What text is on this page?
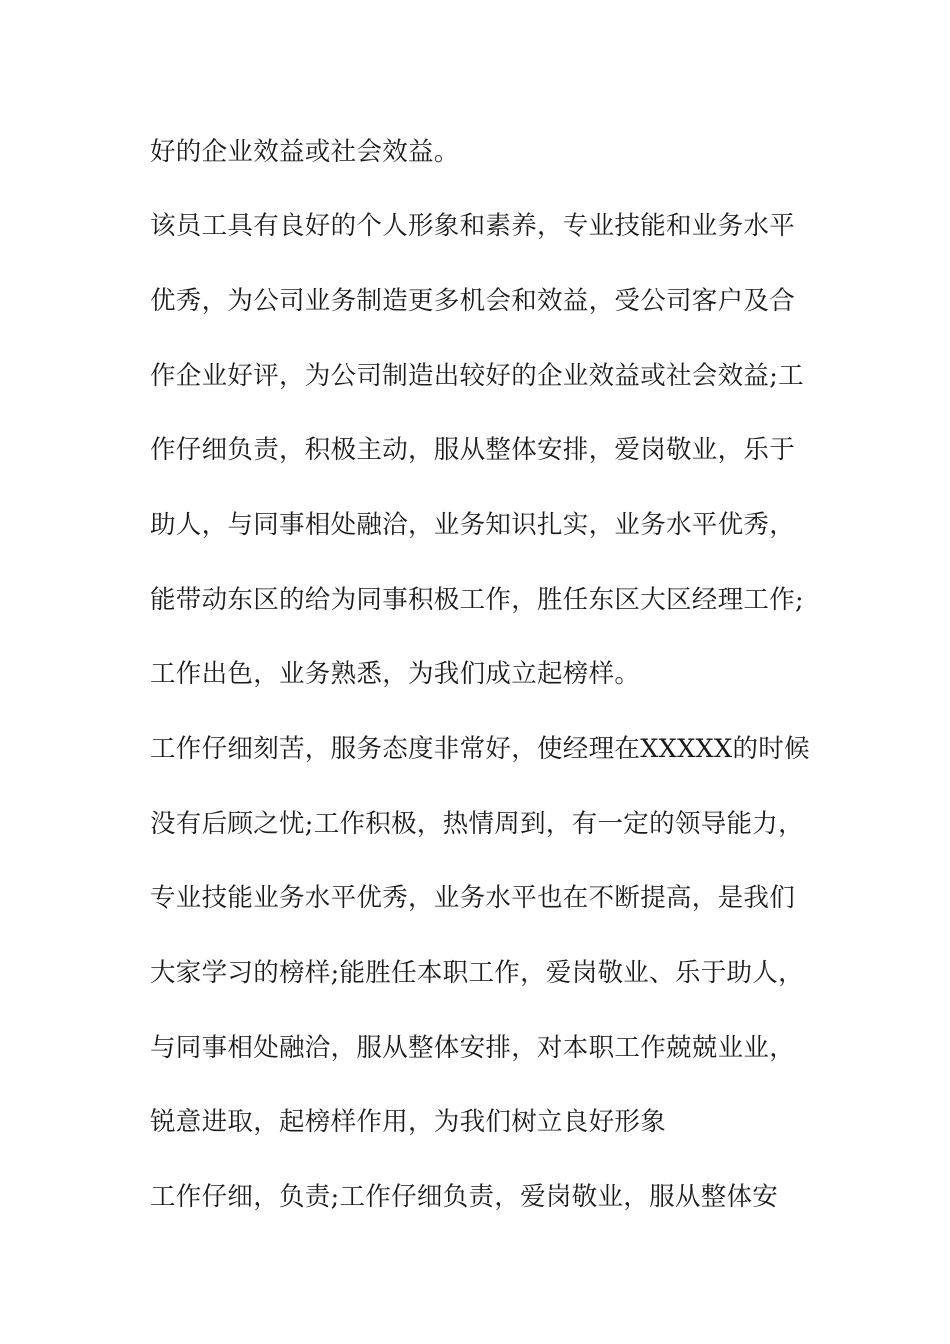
好的企业效益或社会效益。
该员工具有良好的个人形象和素养，专业技能和业务水平
优秀，为公司业务制造更多机会和效益，受公司客户及合
作企业好评，为公司制造出较好的企业效益或社会效益;工
作仔细负责，积极主动，服从整体安排，爱岗敬业，乐于
助人，与同事相处融洽，业务知识扎实，业务水平优秀，
能带动东区的给为同事积极工作，胜任东区大区经理工作;
工作出色，业务熟悉，为我们成立起榜样。
工作仔细刻苦，服务态度非常好，使经理在XXXXX的时候
没有后顾之忧;工作积极，热情周到，有一定的领导能力，
专业技能业务水平优秀，业务水平也在不断提高，是我们
大家学习的榜样;能胜任本职工作，爱岗敬业、乐于助人，
与同事相处融洽，服从整体安排，对本职工作兢兢业业，
锐意进取，起榜样作用，为我们树立良好形象
工作仔细，负责;工作仔细负责，爱岗敬业，服从整体安
